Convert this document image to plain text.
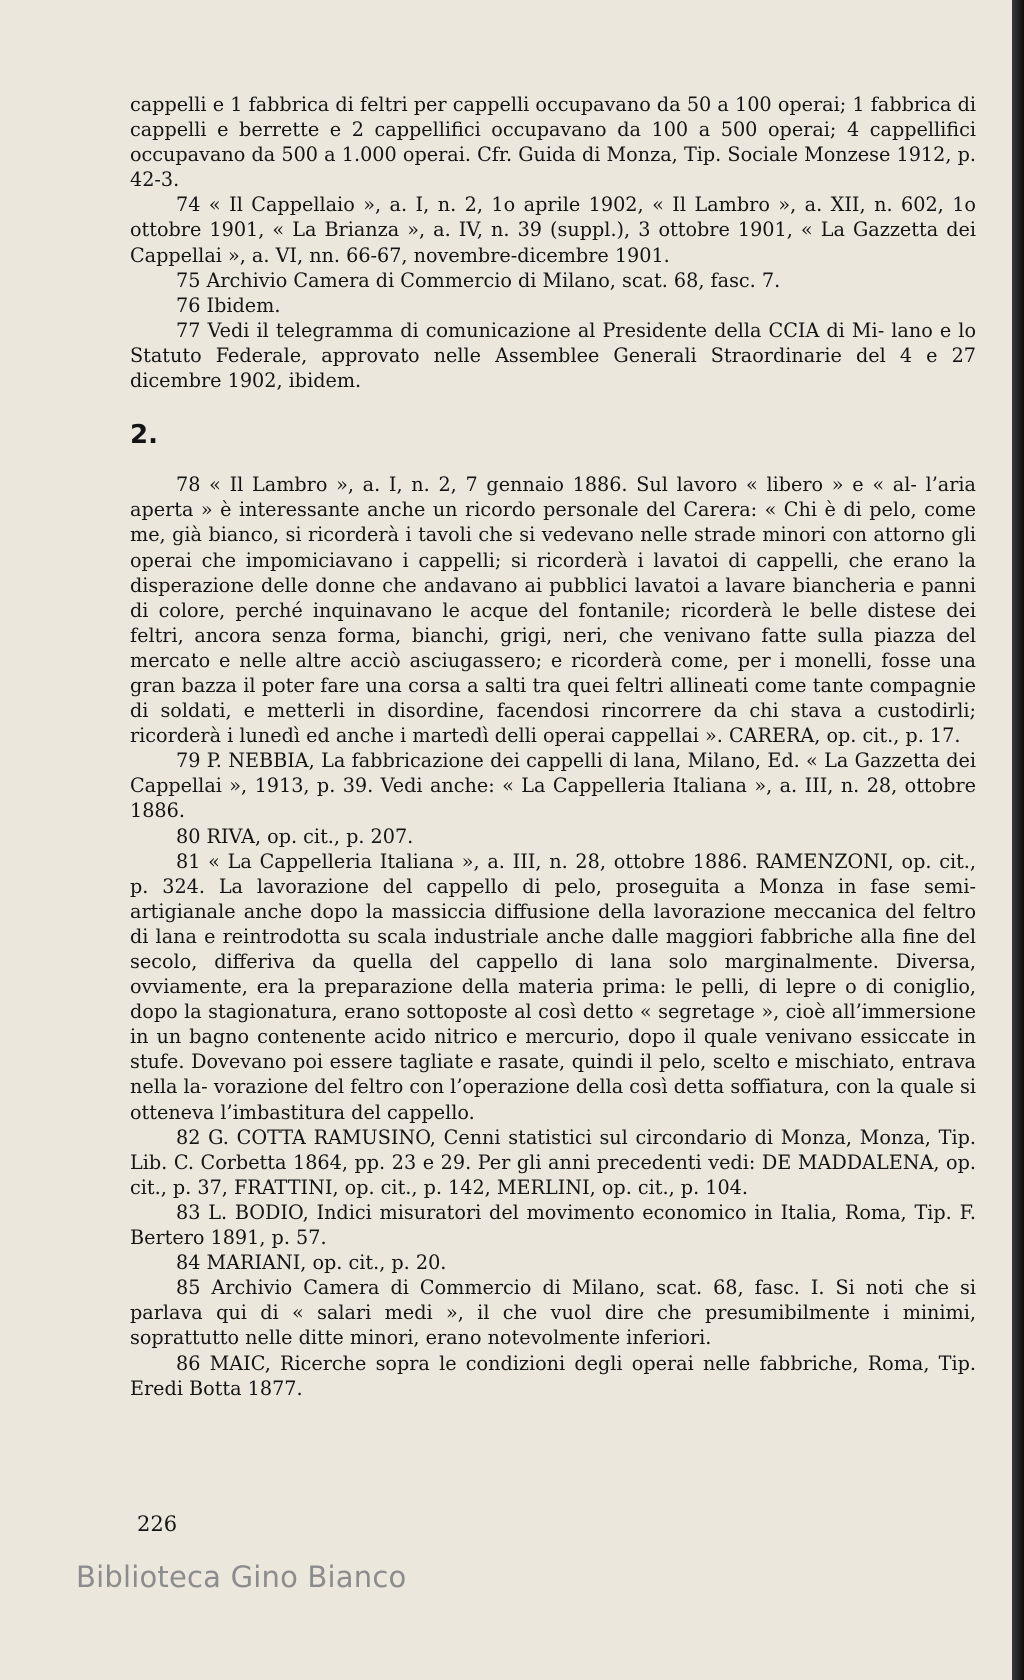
cappelli e 1 fabbrica di feltri per cappelli occupavano da 50 a 100 operai; 1 fabbrica di cappelli e berrette e 2 cappellifici occupavano da 100 a 500 operai; 4 cappellifici occupavano da 500 a 1.000 operai. Cfr. Guida di Monza, Tip. Sociale Monzese 1912, p. 42-3.

74 « Il Cappellaio », a. I, n. 2, 1o aprile 1902, « Il Lambro », a. XII, n. 602, 1o ottobre 1901, « La Brianza », a. IV, n. 39 (suppl.), 3 ottobre 1901, « La Gazzetta dei Cappellai », a. VI, nn. 66-67, novembre-dicembre 1901.

75 Archivio Camera di Commercio di Milano, scat. 68, fasc. 7.

76 Ibidem.

77 Vedi il telegramma di comunicazione al Presidente della CCIA di Mi- lano e lo Statuto Federale, approvato nelle Assemblee Generali Straordinarie del 4 e 27 dicembre 1902, ibidem.

2.

78 « Il Lambro », a. I, n. 2, 7 gennaio 1886. Sul lavoro « libero » e « al- l’aria aperta » è interessante anche un ricordo personale del Carera: « Chi è di pelo, come me, già bianco, si ricorderà i tavoli che si vedevano nelle strade minori con attorno gli operai che impomiciavano i cappelli; si ricorderà i lavatoi di cappelli, che erano la disperazione delle donne che andavano ai pubblici lavatoi a lavare biancheria e panni di colore, perché inquinavano le acque del fontanile; ricorderà le belle distese dei feltri, ancora senza forma, bianchi, grigi, neri, che venivano fatte sulla piazza del mercato e nelle altre acciò asciugassero; e ricorderà come, per i monelli, fosse una gran bazza il poter fare una corsa a salti tra quei feltri allineati come tante compagnie di soldati, e metterli in disordine, facendosi rincorrere da chi stava a custodirli; ricorderà i lunedì ed anche i martedì delli operai cappellai ». CARERA, op. cit., p. 17.

79 P. NEBBIA, La fabbricazione dei cappelli di lana, Milano, Ed. « La Gazzetta dei Cappellai », 1913, p. 39. Vedi anche: « La Cappelleria Italiana », a. III, n. 28, ottobre 1886.

80 RIVA, op. cit., p. 207.

81 « La Cappelleria Italiana », a. III, n. 28, ottobre 1886. RAMENZONI, op. cit., p. 324. La lavorazione del cappello di pelo, proseguita a Monza in fase semi-artigianale anche dopo la massiccia diffusione della lavorazione meccanica del feltro di lana e reintrodotta su scala industriale anche dalle maggiori fabbriche alla fine del secolo, differiva da quella del cappello di lana solo marginalmente. Diversa, ovviamente, era la preparazione della materia prima: le pelli, di lepre o di coniglio, dopo la stagionatura, erano sottoposte al così detto « segretage », cioè all’immersione in un bagno contenente acido nitrico e mercurio, dopo il quale venivano essiccate in stufe. Dovevano poi essere tagliate e rasate, quindi il pelo, scelto e mischiato, entrava nella la- vorazione del feltro con l’operazione della così detta soffiatura, con la quale si otteneva l’imbastitura del cappello.

82 G. COTTA RAMUSINO, Cenni statistici sul circondario di Monza, Monza, Tip. Lib. C. Corbetta 1864, pp. 23 e 29. Per gli anni precedenti vedi: DE MADDALENA, op. cit., p. 37, FRATTINI, op. cit., p. 142, MERLINI, op. cit., p. 104.

83 L. BODIO, Indici misuratori del movimento economico in Italia, Roma, Tip. F. Bertero 1891, p. 57.

84 MARIANI, op. cit., p. 20.

85 Archivio Camera di Commercio di Milano, scat. 68, fasc. I. Si noti che si parlava qui di « salari medi », il che vuol dire che presumibilmente i minimi, soprattutto nelle ditte minori, erano notevolmente inferiori.

86 MAIC, Ricerche sopra le condizioni degli operai nelle fabbriche, Roma, Tip. Eredi Botta 1877.

226
Biblioteca Gino Bianco
